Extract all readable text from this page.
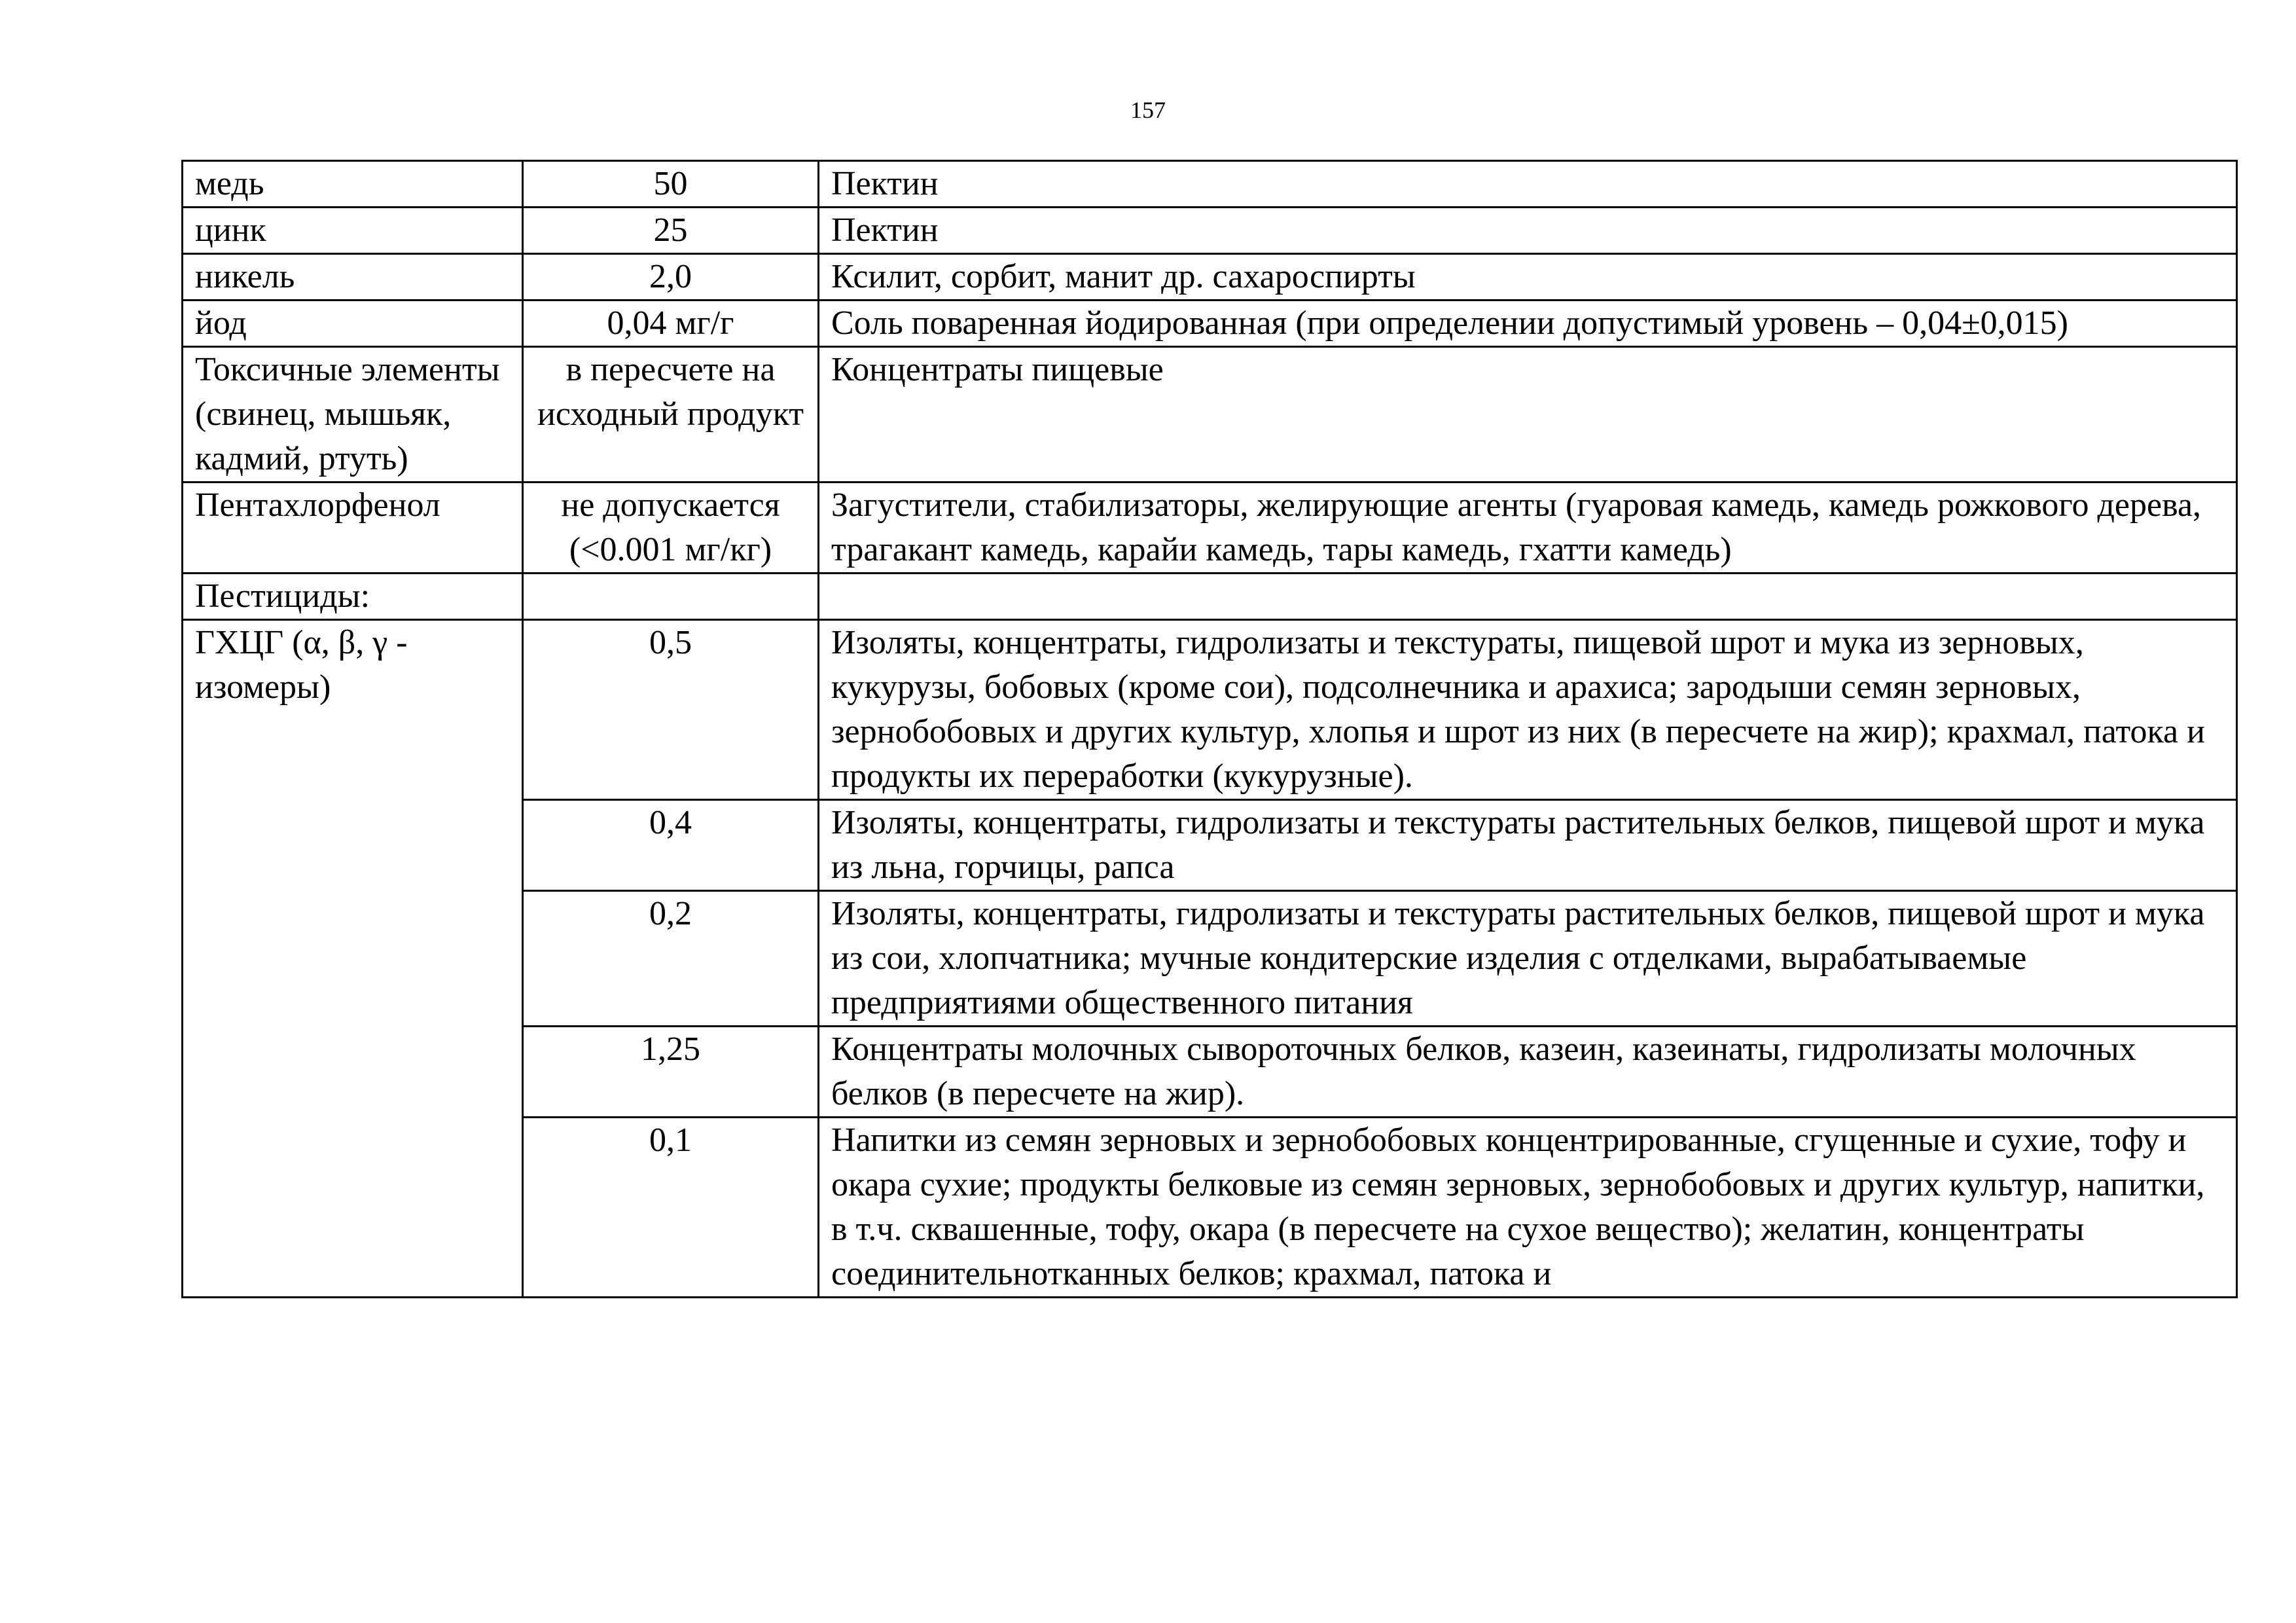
157
медь	50	Пектин
цинк	25	Пектин
никель	2,0	Ксилит, сорбит, манит др. сахароспирты
йод	0,04 мг/г	Соль поваренная йодированная (при определении допустимый уровень – 0,04±0,015)
Токсичные элементы (свинец, мышьяк, кадмий, ртуть)	в пересчете на исходный продукт	Концентраты пищевые
Пентахлорфенол	не допускается (<0.001 мг/кг)	Загустители, стабилизаторы, желирующие агенты (гуаровая камедь, камедь рожкового дерева, трагакант камедь, карайи камедь, тары камедь, гхатти камедь)
Пестициды:		
ГХЦГ (α, β, γ - изомеры)	0,5	Изоляты, концентраты, гидролизаты и текстураты, пищевой шрот и мука из зерновых, кукурузы, бобовых (кроме сои), подсолнечника и арахиса; зародыши семян зерновых, зернобобовых и других культур, хлопья и шрот из них (в пересчете на жир); крахмал, патока и продукты их переработки (кукурузные).
	0,4	Изоляты, концентраты, гидролизаты и текстураты растительных белков, пищевой шрот и мука из льна, горчицы, рапса
	0,2	Изоляты, концентраты, гидролизаты и текстураты растительных белков, пищевой шрот и мука из сои, хлопчатника; мучные кондитерские изделия с отделками, вырабатываемые предприятиями общественного питания
	1,25	Концентраты молочных сывороточных белков, казеин, казеинаты, гидролизаты молочных белков (в пересчете на жир).
	0,1	Напитки из семян зерновых и зернобобовых концентрированные, сгущенные и сухие, тофу и окара сухие; продукты белковые из семян зерновых, зернобобовых и других культур, напитки, в т.ч. сквашенные, тофу, окара (в пересчете на сухое вещество); желатин, концентраты соединительнотканных белков; крахмал, патока и
